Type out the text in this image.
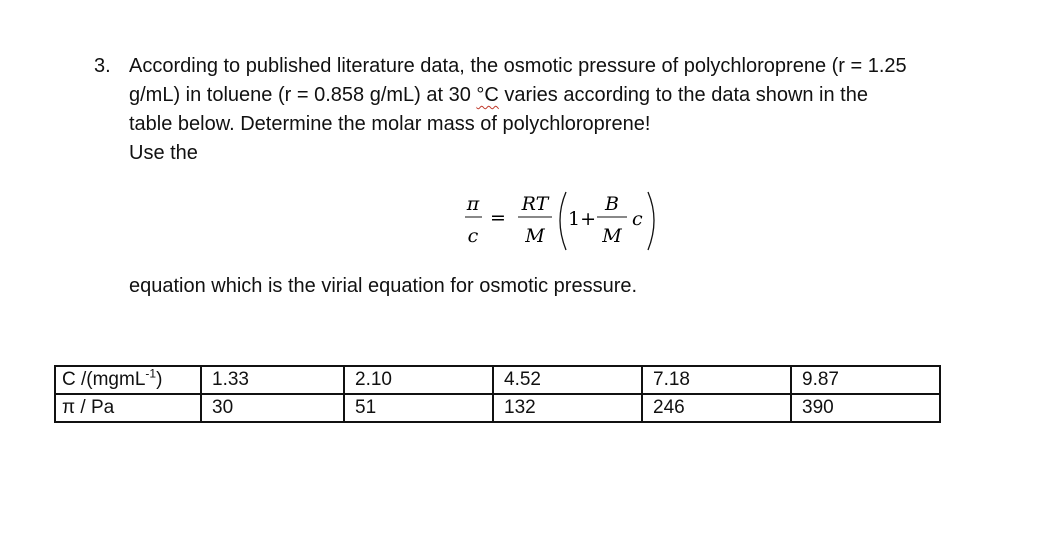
3. According to published literature data, the osmotic pressure of polychloroprene (r = 1.25
g/mL) in toluene (r = 0.858 g/mL) at 30 °C varies according to the data shown in the
table below. Determine the molar mass of polychloroprene!
Use the
π
c
=
RT
M
1+
B
M
c
equation which is the virial equation for osmotic pressure.
C /(mgmL$^{-1}$)	1.33	2.10	4.52	7.18	9.87
π / Pa	30	51	132	246	390
